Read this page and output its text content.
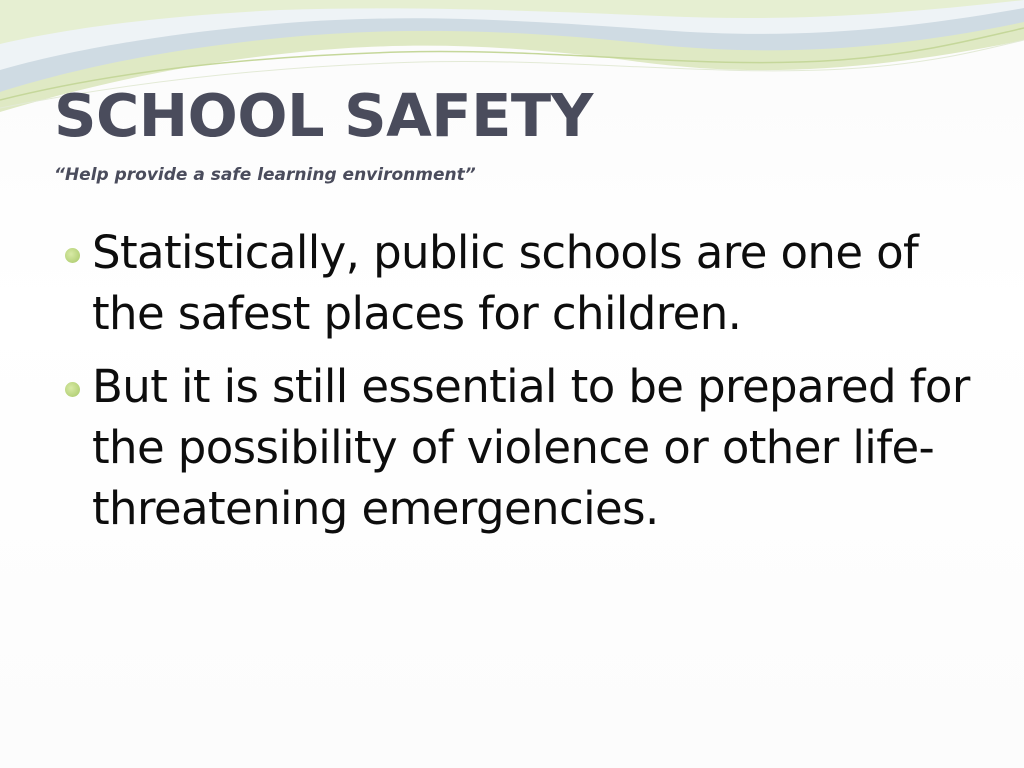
SCHOOL SAFETY

“Help provide a safe learning environment”

Statistically, public schools are one of the safest places for children.
But it is still essential to be prepared for the possibility of violence or other life-threatening emergencies.
